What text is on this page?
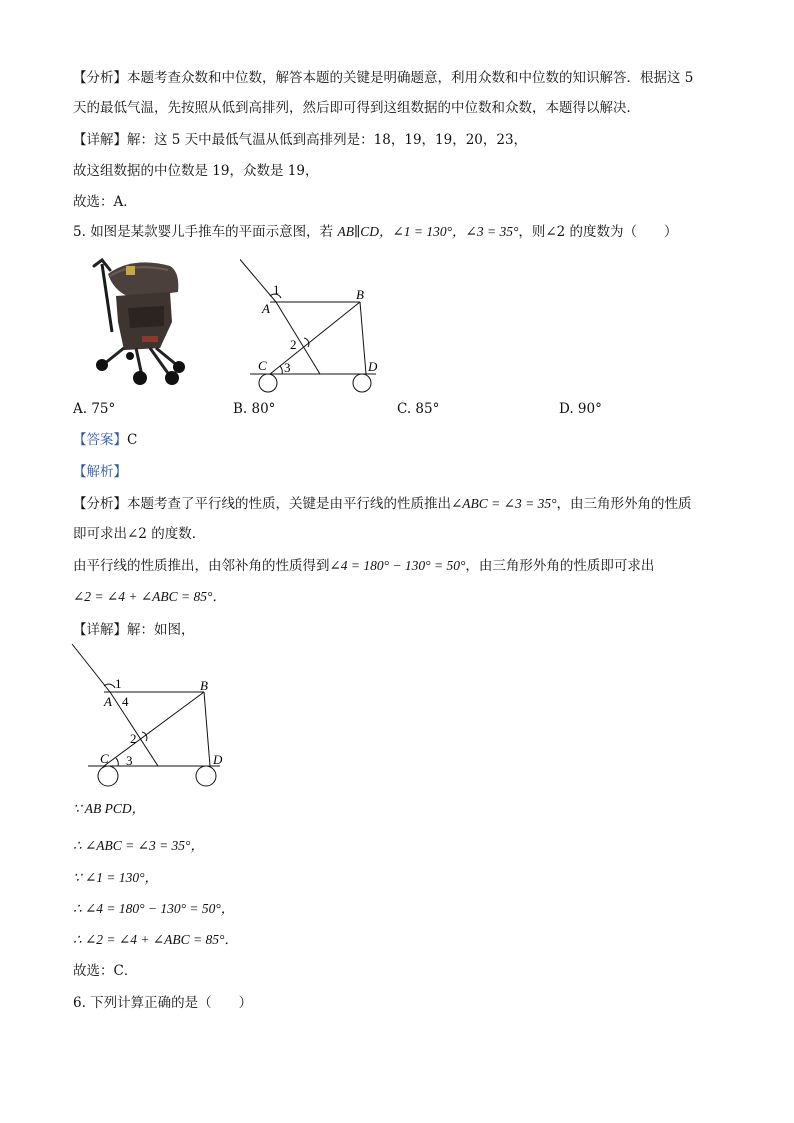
【分析】本题考查众数和中位数，解答本题的关键是明确题意，利用众数和中位数的知识解答．根据这 5
天的最低气温，先按照从低到高排列，然后即可得到这组数据的中位数和众数，本题得以解决．
【详解】解：这 5 天中最低气温从低到高排列是：18，19，19，20，23，
故这组数据的中位数是 19，众数是 19，
故选：A．
5. 如图是某款婴儿手推车的平面示意图，若 AB∥CD，∠1 = 130°，∠3 = 35°，则∠2 的度数为（　　）
1
A
B
2
C 3	D
A. 75°	B. 80°	C. 85°	D. 90°
【答案】C
【解析】
【分析】本题考查了平行线的性质，关键是由平行线的性质推出∠ABC = ∠3 = 35°，由三角形外角的性质
即可求出∠2 的度数．
由平行线的性质推出，由邻补角的性质得到∠4 = 180° − 130° = 50°，由三角形外角的性质即可求出
∠2 = ∠4 + ∠ABC = 85°．
【详解】解：如图，
1
A 4
B
2
C 3	D
∵ AB PCD，
∴ ∠ABC = ∠3 = 35°，
∵ ∠1 = 130°，
∴ ∠4 = 180° − 130° = 50°，
∴ ∠2 = ∠4 + ∠ABC = 85°．
故选：C．
6. 下列计算正确的是（　　）
